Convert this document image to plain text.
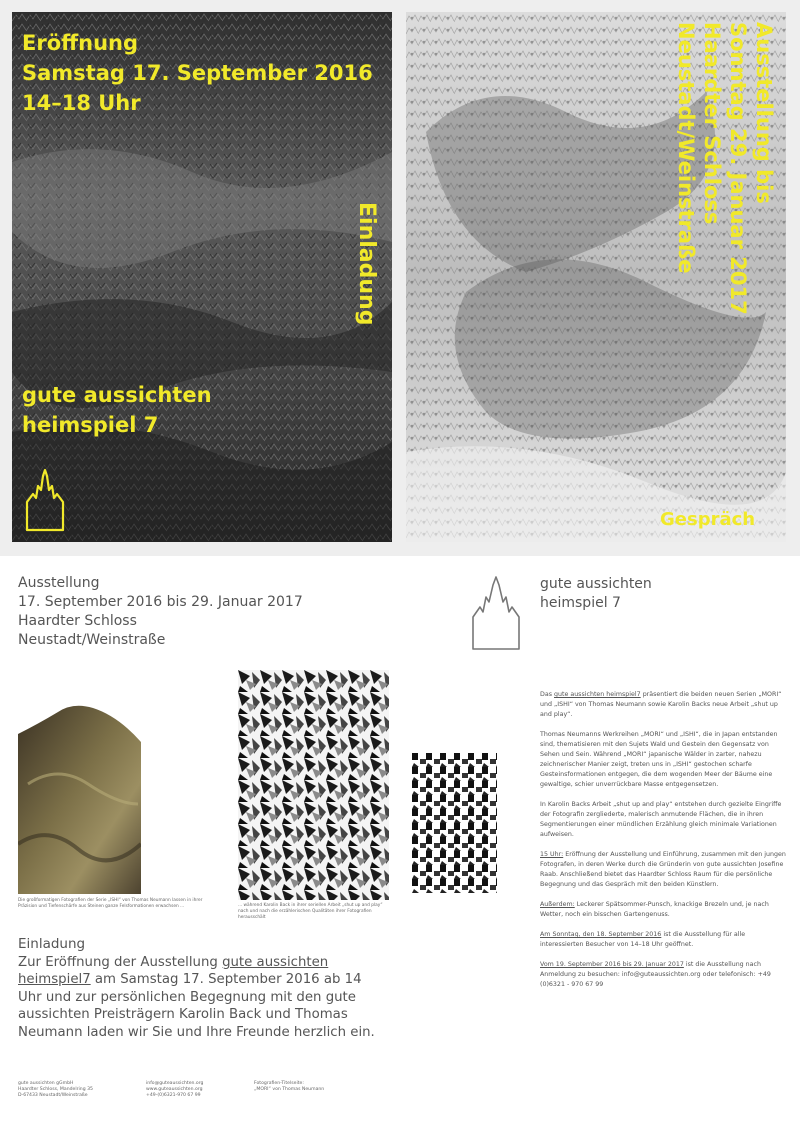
Eröffnung
Samstag 17. September 2016
14–18 Uhr
Einladung
gute aussichten
heimspiel 7
Ausstellung bis
Sonntag 29. Januar 2017
Haardter Schloss
Neustadt/Weinstraße
Gespräch
Ausstellung
17. September 2016 bis 29. Januar 2017
Haardter Schloss
Neustadt/Weinstraße
gute aussichten
heimspiel 7
Die großformatigen Fotografien der Serie „ISHI“ von Thomas Neumann lassen in ihrer Präzision und Tiefenschärfe aus Steinen ganze Felsformationen erwachsen ...	... während Karolin Back in ihrer seriellen Arbeit „shut up and play“ nach und nach die erzählerischen Qualitäten ihrer Fotografien herausschält

Das gute aussichten heimspiel7 präsentiert die beiden neuen Serien „MORI“ und „ISHI“ von Thomas Neumann sowie Karolin Backs neue Arbeit „shut up and play“.

Thomas Neumanns Werkreihen „MORI“ und „ISHI“, die in Japan entstanden sind, thematisieren mit den Sujets Wald und Gestein den Gegensatz von Sehen und Sein. Während „MORI“ japanische Wälder in zarter, nahezu zeichnerischer Manier zeigt, treten uns in „ISHI“ gestochen scharfe Gesteinsformationen entgegen, die dem wogenden Meer der Bäume eine gewaltige, schier unverrückbare Masse entgegensetzen.

In Karolin Backs Arbeit „shut up and play“ entstehen durch gezielte Eingriffe der Fotografin zergliederte, malerisch anmutende Flächen, die in ihren Segmentierungen einer mündlichen Erzählung gleich minimale Variationen aufweisen.

15 Uhr: Eröffnung der Ausstellung und Einführung, zusammen mit den jungen Fotografen, in deren Werke durch die Gründerin von gute aussichten Josefine Raab. Anschließend bietet das Haardter Schloss Raum für die persönliche Begegnung und das Gespräch mit den beiden Künstlern.

Außerdem: Leckerer Spätsommer-Punsch, knackige Brezeln und, je nach Wetter, noch ein bisschen Gartengenuss.

Am Sonntag, den 18. September 2016 ist die Ausstellung für alle interessierten Besucher von 14–18 Uhr geöffnet.

Vom 19. September 2016 bis 29. Januar 2017 ist die Ausstellung nach Anmeldung zu besuchen: info@guteaussichten.org oder telefonisch: +49 (0)6321 - 970 67 99

Einladung
Zur Eröffnung der Ausstellung gute aussichten heimspiel7 am Samstag 17. September 2016 ab 14 Uhr und zur persönlichen Begegnung mit den gute aussichten Preisträgern Karolin Back und Thomas Neumann laden wir Sie und Ihre Freunde herzlich ein.
gute aussichten gGmbH
Haardter Schloss, Mandelring 35
D-67433 Neustadt/Weinstraße
info@guteaussichten.org
www.guteaussichten.org
+49-(0)6321-970 67 99
Fotografien-Titelseite:
„MORI“ von Thomas Neumann
